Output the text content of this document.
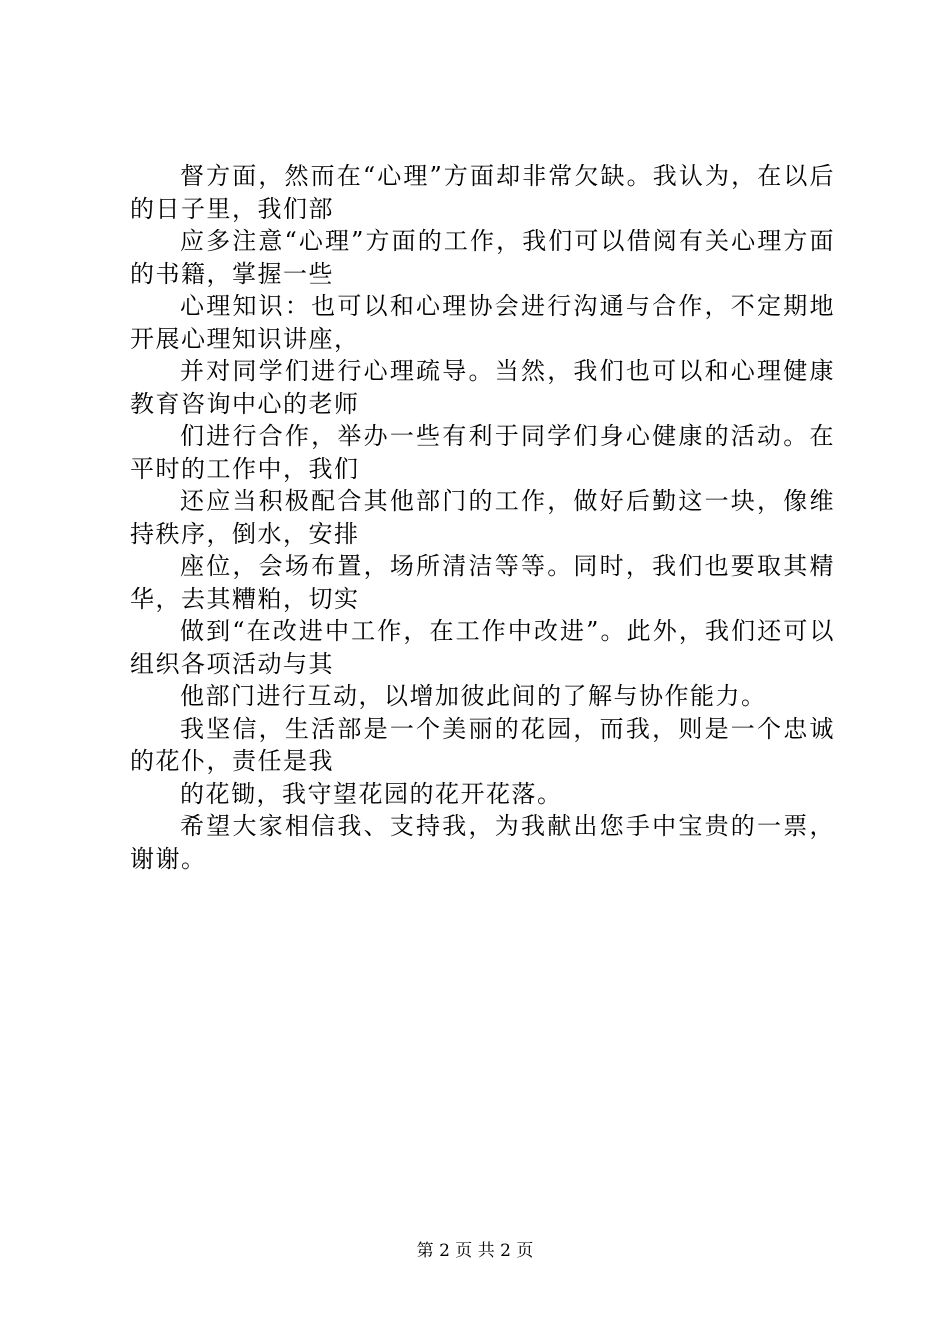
督方面，然而在“心理”方面却非常欠缺。我认为，在以后的日子里，我们部

应多注意“心理”方面的工作，我们可以借阅有关心理方面的书籍，掌握一些

心理知识：也可以和心理协会进行沟通与合作，不定期地开展心理知识讲座，

并对同学们进行心理疏导。当然，我们也可以和心理健康教育咨询中心的老师

们进行合作，举办一些有利于同学们身心健康的活动。在平时的工作中，我们

还应当积极配合其他部门的工作，做好后勤这一块，像维持秩序，倒水，安排

座位，会场布置，场所清洁等等。同时，我们也要取其精华，去其糟粕，切实

做到“在改进中工作，在工作中改进”。此外，我们还可以组织各项活动与其

他部门进行互动，以增加彼此间的了解与协作能力。

我坚信，生活部是一个美丽的花园，而我，则是一个忠诚的花仆，责任是我

的花锄，我守望花园的花开花落。

希望大家相信我、支持我，为我献出您手中宝贵的一票，谢谢。

第 2 页 共 2 页
